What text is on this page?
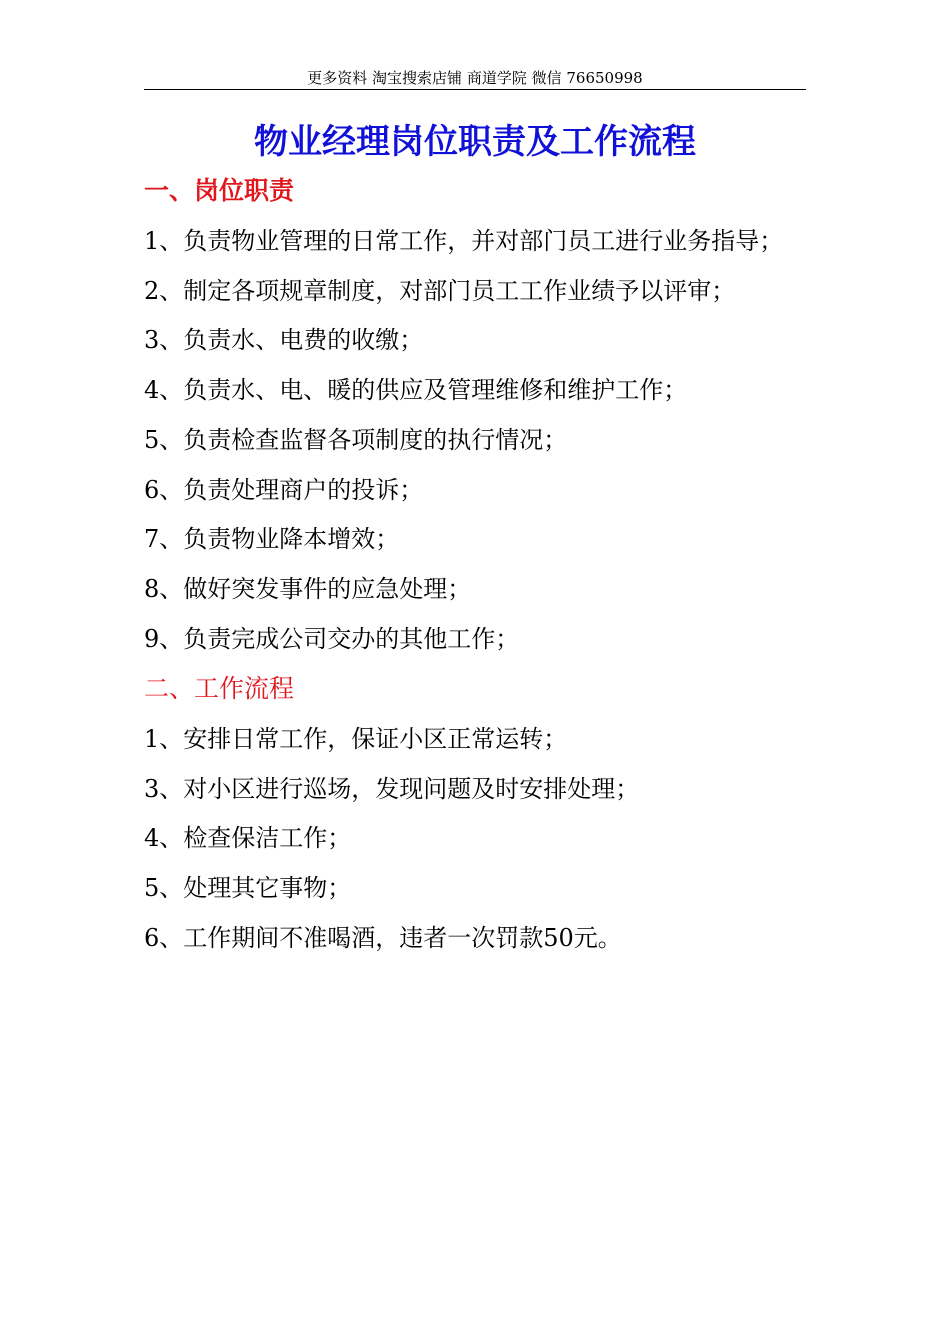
更多资料 淘宝搜索店铺 商道学院 微信 76650998
物业经理岗位职责及工作流程
一、岗位职责
1、负责物业管理的日常工作，并对部门员工进行业务指导；
2、制定各项规章制度，对部门员工工作业绩予以评审；
3、负责水、电费的收缴；
4、负责水、电、暖的供应及管理维修和维护工作；
5、负责检查监督各项制度的执行情况；
6、负责处理商户的投诉；
7、负责物业降本增效；
8、做好突发事件的应急处理；
9、负责完成公司交办的其他工作；
二、工作流程
1、安排日常工作，保证小区正常运转；
3、对小区进行巡场，发现问题及时安排处理；
4、检查保洁工作；
5、处理其它事物；
6、工作期间不准喝酒，违者一次罚款50元。
